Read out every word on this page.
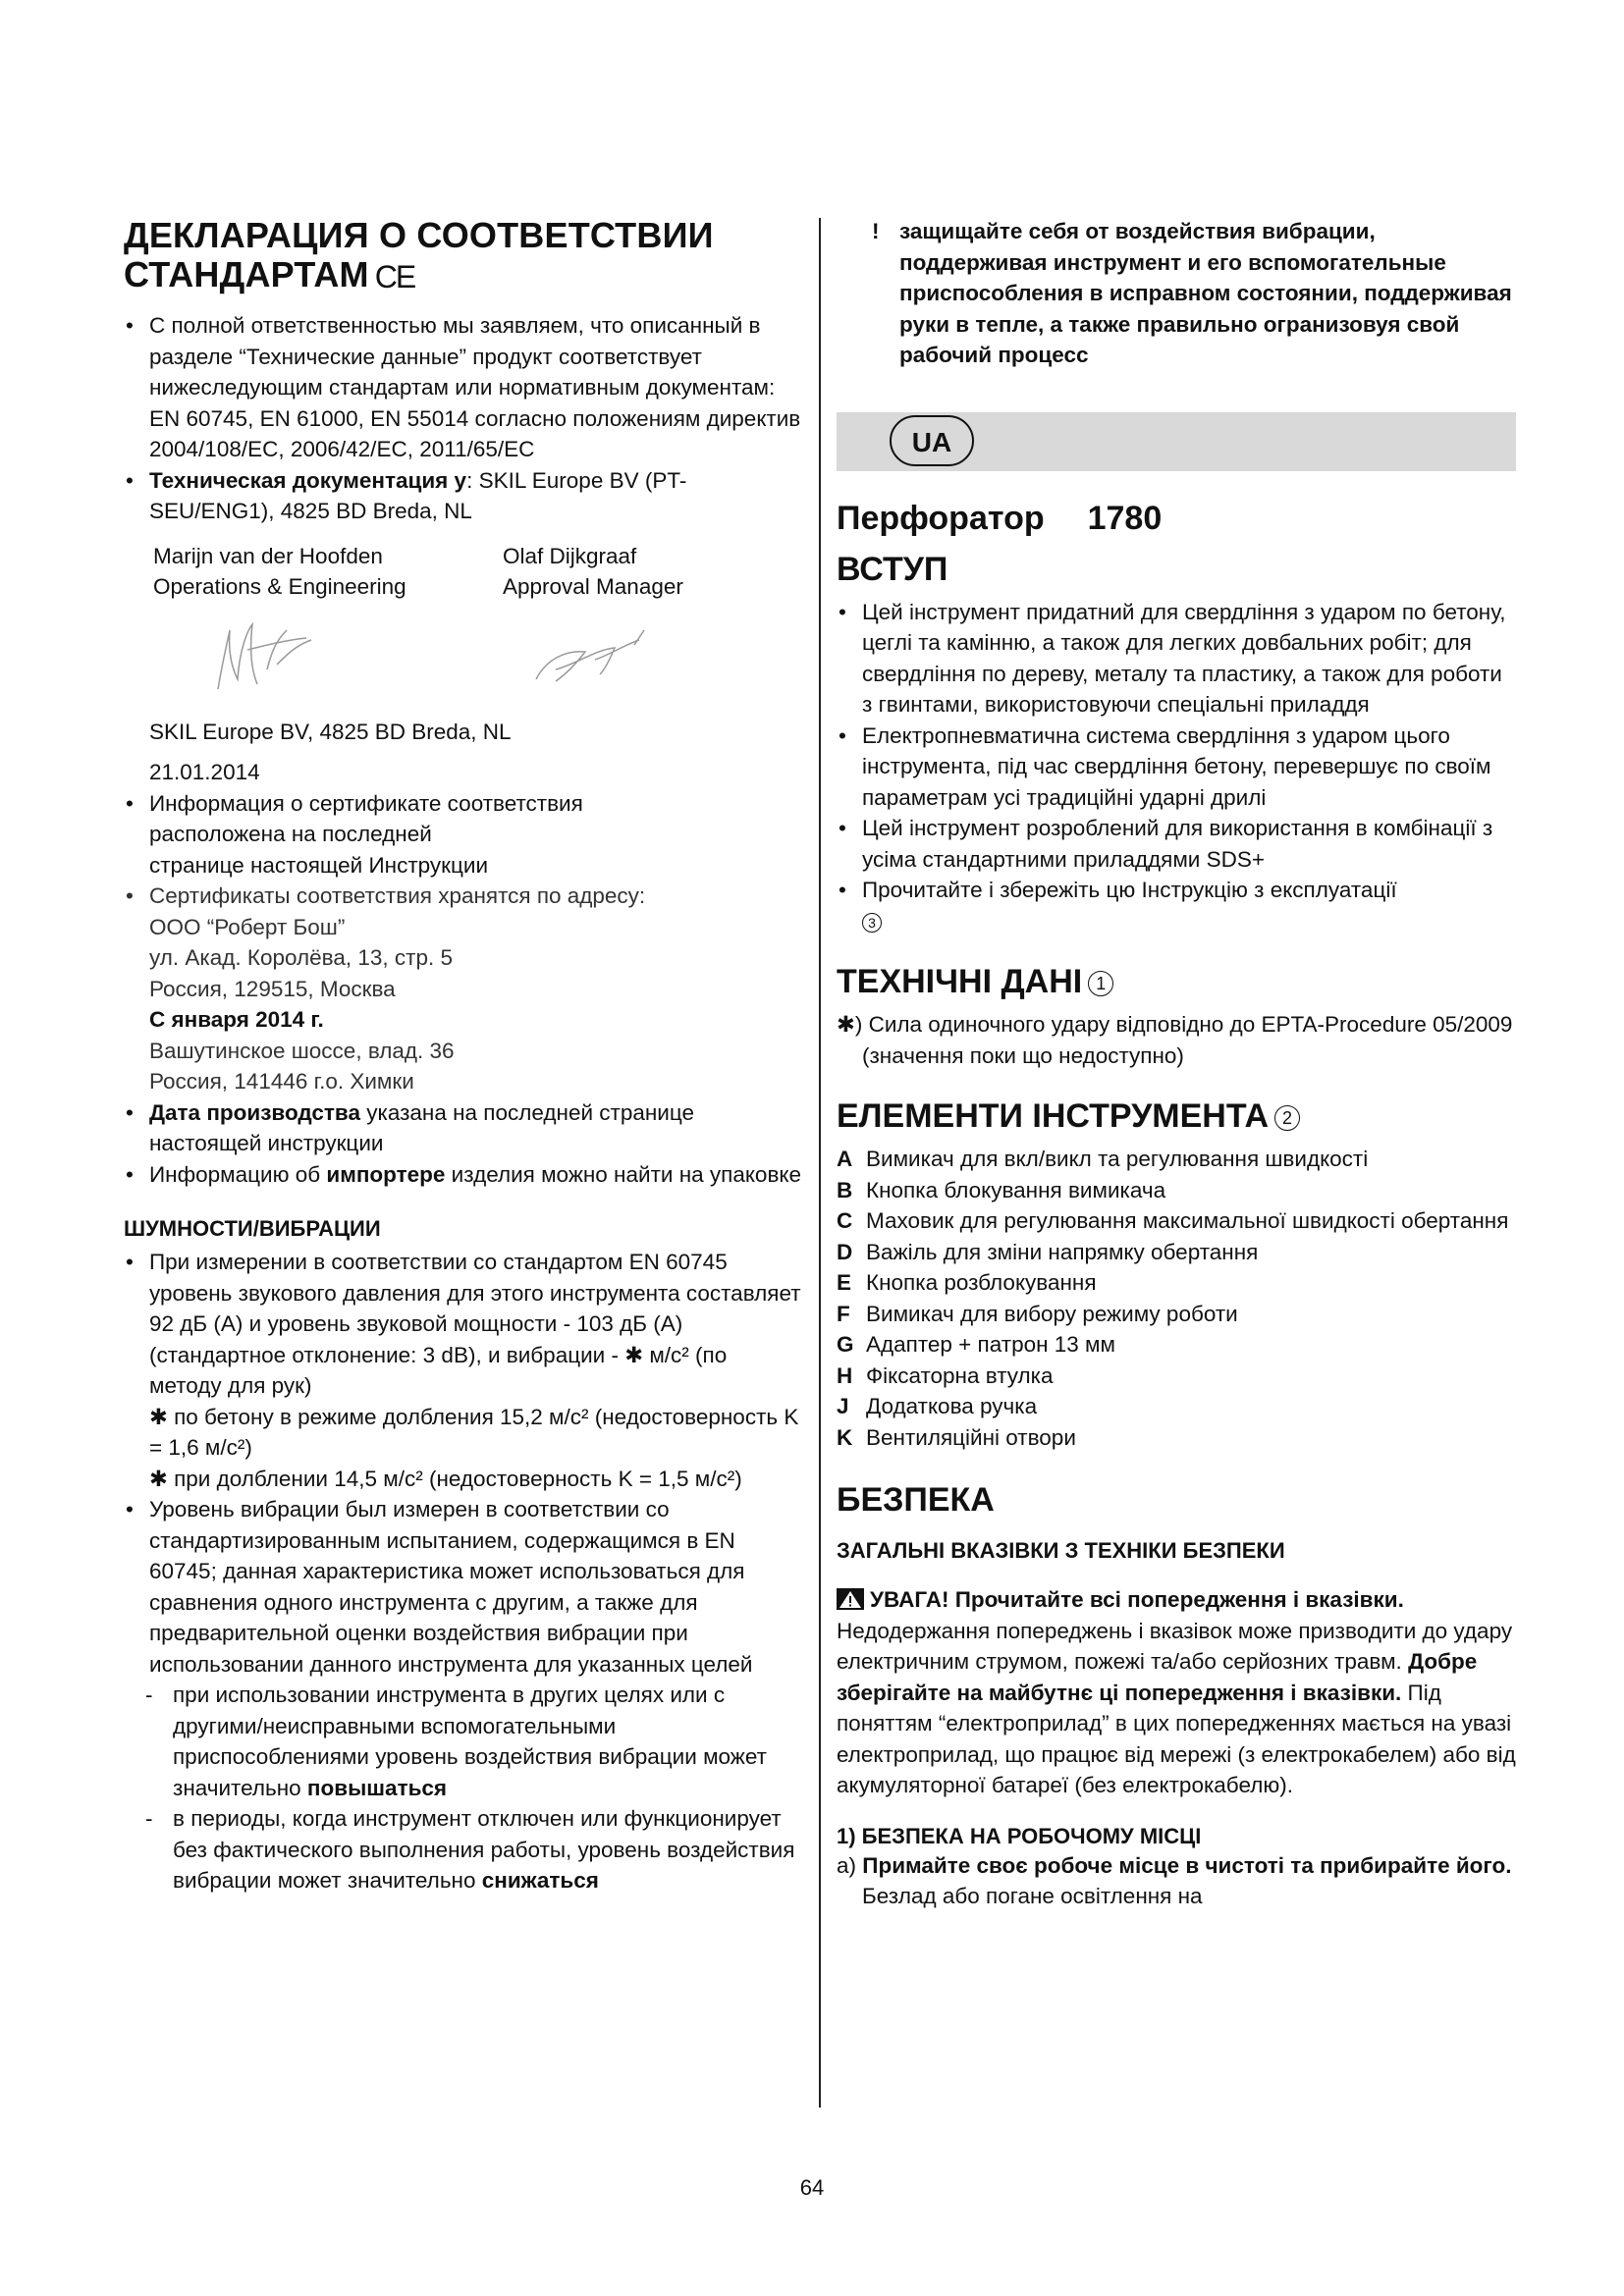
ДЕКЛАРАЦИЯ О СООТВЕТСТВИИ
СТАНДАРТАМ CE
• С полной ответственностью мы заявляем, что описанный в разделе “Технические данные” продукт соответствует нижеследующим стандартам или нормативным документам: EN 60745, EN 61000, EN 55014 согласно положениям директив 2004/108/EC, 2006/42/EC, 2011/65/EC
• Техническая документация у: SKIL Europe BV (PT-SEU/ENG1), 4825 BD Breda, NL

Marijn van der Hoofden

Operations & Engineering

Olaf Dijkgraaf

Approval Manager

SKIL Europe BV, 4825 BD Breda, NL

21.01.2014

• Информация о сертификате соответствия
расположена на последней
странице настоящей Инструкции
• Сертификаты соответствия хранятся по адресу:
ООО “Роберт Бош”
ул. Акад. Королёва, 13, стр. 5
Россия, 129515, Москва
С января 2014 г.
Вашутинское шоссе, влад. 36
Россия, 141446 г.о. Химки
• Дата производства указана на последней странице настоящей инструкции
• Информацию об импортере изделия можно найти на упаковке
ШУМНОСТИ/ВИБРАЦИИ
• При измерении в соответствии со стандартом EN 60745 уровень звукового давления для этого инструмента составляет 92 дБ (A) и уровень звуковой мощности - 103 дБ (A) (стандартное отклонение: 3 dB), и вибрации - ✱ м/с² (по методу для рук)
✱ по бетону в режиме долбления 15,2 м/с² (недостоверность K = 1,6 м/с²)
✱ при долблении 14,5 м/с² (недостоверность K = 1,5 м/с²)
• Уровень вибрации был измерен в соответствии со стандартизированным испытанием, содержащимся в EN 60745; данная характеристика может использоваться для сравнения одного инструмента с другим, а также для предварительной оценки воздействия вибрации при использовании данного инструмента для указанных целей
- при использовании инструмента в других целях или с другими/неисправными вспомогательными приспособлениями уровень воздействия вибрации может значительно повышаться
- в периоды, когда инструмент отключен или функционирует без фактического выполнения работы, уровень воздействия вибрации может значительно снижаться
! защищайте себя от воздействия вибрации, поддерживая инструмент и его вспомогательные приспособления в исправном состоянии, поддерживая руки в тепле, а также правильно огранизовуя свой рабочий процесс
UA
Перфоратор 1780
ВСТУП
• Цей інструмент придатний для свердління з ударом по бетону, цеглі та камінню, а також для легких довбальних робіт; для свердління по дереву, металу та пластику, а також для роботи з гвинтами, використовуючи спеціальні приладдя
• Електропневматична система свердління з ударом цього інструмента, під час свердління бетону, перевершує по своїм параметрам усі традиційні ударні дрилі
• Цей інструмент розроблений для використання в комбінації з усіма стандартними приладдями SDS+
• Прочитайте і збережіть цю Інструкцію з експлуатації
3
ТЕХНІЧНІ ДАНІ 1

✱) Сила одиночного удару відповідно до EPTA-Procedure 05/2009 (значення поки що недоступно)

ЕЛЕМЕНТИ ІНСТРУМЕНТА 2
A Вимикач для вкл/викл та регулювання швидкості
B Кнопка блокування вимикача
C Маховик для регулювання максимальної швидкості обертання
D Важіль для зміни напрямку обертання
E Кнопка розблокування
F Вимикач для вибору режиму роботи
G Адаптер + патрон 13 мм
H Фіксаторна втулка
J Додаткова ручка
K Вентиляційні отвори
БЕЗПЕКА
ЗАГАЛЬНІ ВКАЗІВКИ З ТЕХНІКИ БЕЗПЕКИ

УВАГА! Прочитайте всі попередження і вказівки. Недодержання попереджень і вказівок може призводити до удару електричним струмом, пожежі та/або серйозних травм. Добре зберігайте на майбутнє ці попередження і вказівки. Під поняттям “електроприлад” в цих попередженнях мається на увазі електроприлад, що працює від мережі (з електрокабелем) або від акумуляторної батареї (без електрокабелю).

1) БЕЗПЕКА НА РОБОЧОМУ МІСЦІ

а) Примайте своє робоче місце в чистоті та прибирайте його. Безлад або погане освітлення на

64
